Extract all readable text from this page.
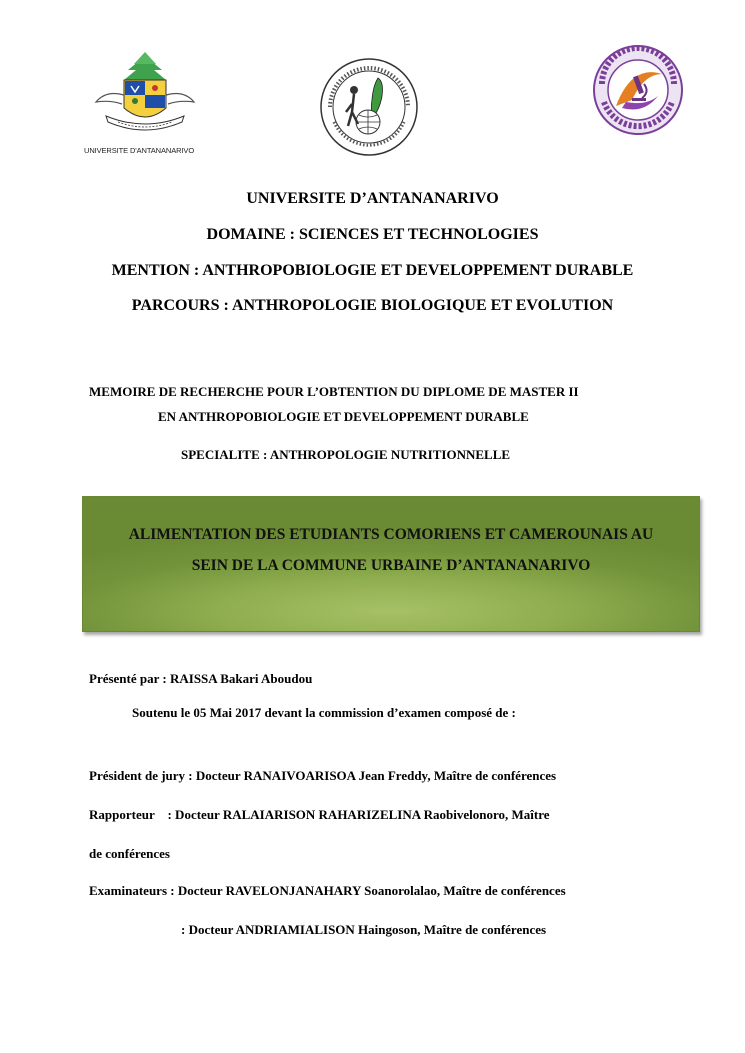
UNIVERSITE D'ANTANANARIVO
UNIVERSITE D’ANTANANARIVO
DOMAINE : SCIENCES ET TECHNOLOGIES
MENTION : ANTHROPOBIOLOGIE ET DEVELOPPEMENT DURABLE
PARCOURS : ANTHROPOLOGIE BIOLOGIQUE ET EVOLUTION
MEMOIRE DE RECHERCHE POUR L’OBTENTION DU DIPLOME DE MASTER II
EN ANTHROPOBIOLOGIE ET DEVELOPPEMENT DURABLE
SPECIALITE : ANTHROPOLOGIE NUTRITIONNELLE
ALIMENTATION DES ETUDIANTS COMORIENS ET CAMEROUNAIS AU
SEIN DE LA COMMUNE URBAINE D’ANTANANARIVO
Présenté par : RAISSA Bakari Aboudou
Soutenu le 05 Mai 2017 devant la commission d’examen composé de :
Président de jury : Docteur RANAIVOARISOA Jean Freddy, Maître de conférences
Rapporteur    : Docteur RALAIARISON RAHARIZELINA Raobivelonoro, Maître
de conférences
Examinateurs : Docteur RAVELONJANAHARY Soanorolalao, Maître de conférences
: Docteur ANDRIAMIALISON Haingoson, Maître de conférences
